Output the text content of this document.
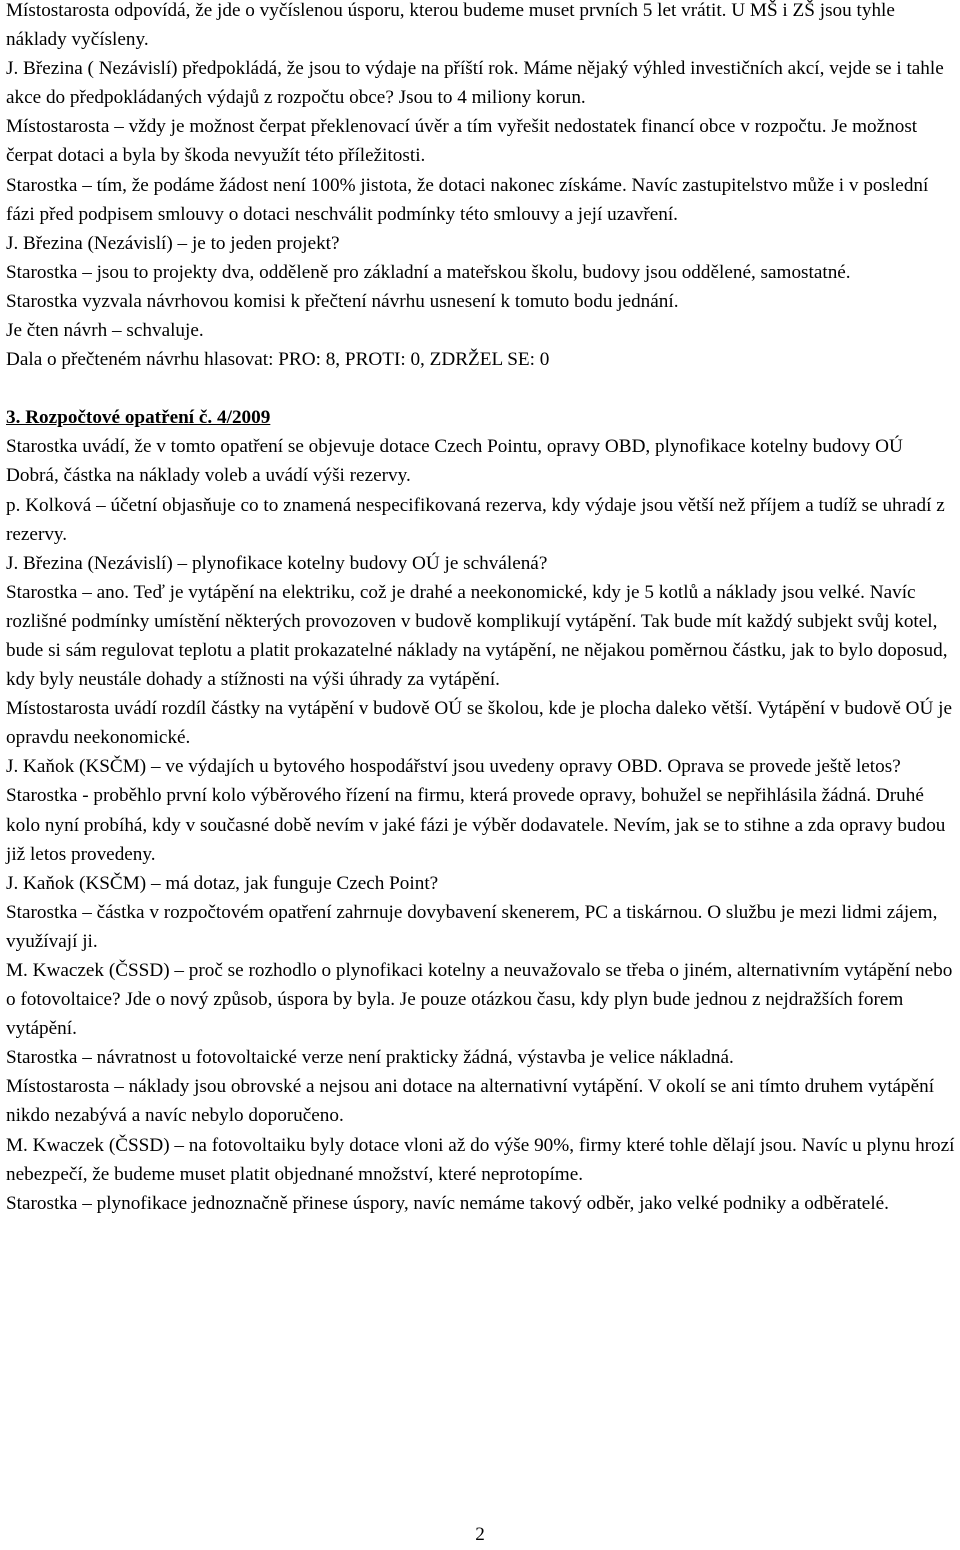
Místostarosta odpovídá, že jde o vyčíslenou úsporu, kterou budeme muset prvních 5 let vrátit. U MŠ i ZŠ jsou tyhle náklady vyčísleny.

J. Březina ( Nezávislí) předpokládá, že jsou to výdaje na příští rok. Máme nějaký výhled investičních akcí, vejde se i tahle akce do předpokládaných výdajů z rozpočtu obce? Jsou to 4 miliony korun.

Místostarosta – vždy je možnost čerpat překlenovací úvěr a tím vyřešit nedostatek financí obce v rozpočtu. Je možnost čerpat dotaci a byla by škoda nevyužít této příležitosti.

Starostka – tím, že podáme žádost není 100% jistota, že dotaci nakonec získáme. Navíc zastupitelstvo může i v poslední fázi před podpisem smlouvy o dotaci neschválit podmínky této smlouvy a její uzavření.

J. Březina (Nezávislí) – je to jeden projekt?

Starostka – jsou to projekty dva, odděleně pro základní a mateřskou školu, budovy jsou oddělené, samostatné.

Starostka vyzvala návrhovou komisi k přečtení návrhu usnesení k tomuto bodu jednání.

Je čten návrh – schvaluje.

Dala o přečteném návrhu hlasovat: PRO: 8, PROTI: 0, ZDRŽEL SE: 0

3. Rozpočtové opatření č. 4/2009

Starostka uvádí, že v tomto opatření se objevuje dotace Czech Pointu, opravy OBD, plynofikace kotelny budovy OÚ Dobrá, částka na náklady voleb a uvádí výši rezervy.

p. Kolková – účetní objasňuje co to znamená nespecifikovaná rezerva, kdy výdaje jsou větší než příjem a tudíž se uhradí z rezervy.

J. Březina (Nezávislí) – plynofikace kotelny budovy OÚ je schválená?

Starostka – ano. Teď je vytápění na elektriku, což je drahé a neekonomické, kdy je 5 kotlů a náklady jsou velké. Navíc rozlišné podmínky umístění některých provozoven v budově komplikují vytápění. Tak bude mít každý subjekt svůj kotel, bude si sám regulovat teplotu a platit prokazatelné náklady na vytápění, ne nějakou poměrnou částku, jak to bylo doposud, kdy byly neustále dohady a stížnosti na výši úhrady za vytápění.

Místostarosta uvádí rozdíl částky na vytápění v budově OÚ se školou, kde je plocha daleko větší. Vytápění v budově OÚ je opravdu neekonomické.

J. Kaňok (KSČM) – ve výdajích u bytového hospodářství jsou uvedeny opravy OBD. Oprava se provede ještě letos?

Starostka - proběhlo první kolo výběrového řízení na firmu, která provede opravy, bohužel se nepřihlásila žádná. Druhé kolo nyní probíhá, kdy v současné době nevím v jaké fázi je výběr dodavatele. Nevím, jak se to stihne a zda opravy budou již letos provedeny.

J. Kaňok (KSČM) – má dotaz, jak funguje Czech Point?

Starostka – částka v rozpočtovém opatření zahrnuje dovybavení skenerem, PC a tiskárnou. O službu je mezi lidmi zájem, využívají ji.

M. Kwaczek (ČSSD) – proč se rozhodlo o plynofikaci kotelny a neuvažovalo se třeba o jiném, alternativním vytápění nebo o fotovoltaice? Jde o nový způsob, úspora by byla. Je pouze otázkou času, kdy plyn bude jednou z nejdražších forem vytápění.

Starostka – návratnost u fotovoltaické verze není prakticky žádná, výstavba je velice nákladná.

Místostarosta – náklady jsou obrovské a nejsou ani dotace na alternativní vytápění. V okolí se ani tímto druhem vytápění nikdo nezabývá a navíc nebylo doporučeno.

M. Kwaczek (ČSSD) – na fotovoltaiku byly dotace vloni až do výše 90%, firmy které tohle dělají jsou. Navíc u plynu hrozí nebezpečí, že budeme muset platit objednané množství, které neprotopíme.

Starostka – plynofikace jednoznačně přinese úspory, navíc nemáme takový odběr, jako velké podniky a odběratelé.

2
